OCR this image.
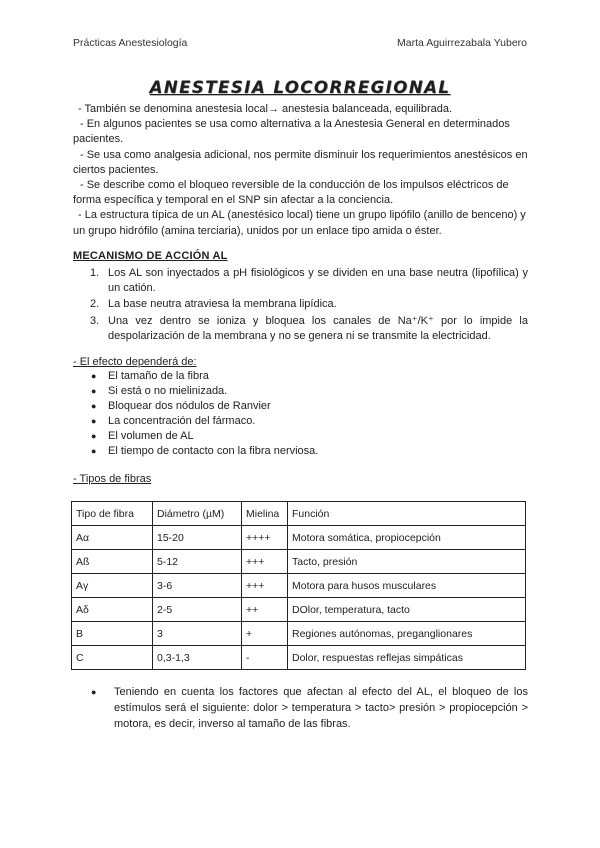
Prácticas Anestesiología	Marta Aguirrezabala Yubero
ANESTESIA LOCORREGIONAL

- También se denomina anestesia local→ anestesia balanceada, equilibrada.

- En algunos pacientes se usa como alternativa a la Anestesia General en determinados pacientes.

- Se usa como analgesia adicional, nos permite disminuir los requerimientos anestésicos en ciertos pacientes.

- Se describe como el bloqueo reversible de la conducción de los impulsos eléctricos de forma específica y temporal en el SNP sin afectar a la conciencia.

- La estructura típica de un AL (anestésico local) tiene un grupo lipófilo (anillo de benceno) y un grupo hidrófilo (amina terciaria), unidos por un enlace tipo amida o éster.

MECANISMO DE ACCIÓN AL
1. Los AL son inyectados a pH fisiológicos y se dividen en una base neutra (lipofílica) y un catión.
2. La base neutra atraviesa la membrana lipídica.
3. Una vez dentro se ioniza y bloquea los canales de Na⁺/K⁺ por lo impide la despolarización de la membrana y no se genera ni se transmite la electricidad.
- El efecto dependerá de:
● El tamaño de la fibra
● Si está o no mielinizada.
● Bloquear dos nódulos de Ranvier
● La concentración del fármaco.
● El volumen de AL
● El tiempo de contacto con la fibra nerviosa.
- Tipos de fibras
Tipo de fibra	Diámetro (µM)	Mielina	Función
Aα	15-20	++++	Motora somática, propiocepción
Aß	5-12	+++	Tacto, presión
Aγ	3-6	+++	Motora para husos musculares
Aδ	2-5	++	DOlor, temperatura, tacto
B	3	+	Regiones autónomas, preganglionares
C	0,3-1,3	-	Dolor, respuestas reflejas simpáticas
● Teniendo en cuenta los factores que afectan al efecto del AL, el bloqueo de los estímulos será el siguiente: dolor > temperatura > tacto> presión > propiocepción > motora, es decir, inverso al tamaño de las fibras.
